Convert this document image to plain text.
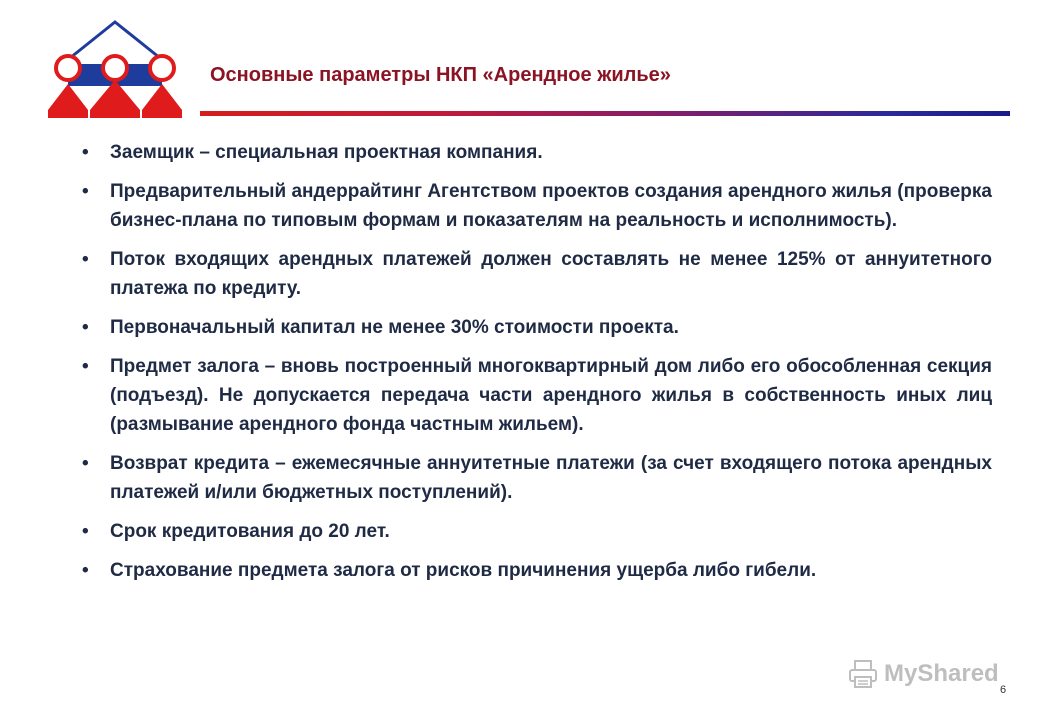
Основные параметры НКП «Арендное жилье»
• Заемщик – специальная проектная компания.
• Предварительный андеррайтинг Агентством проектов создания арендного жилья (проверка бизнес-плана по типовым формам и показателям на реальность и исполнимость).
• Поток входящих арендных платежей должен составлять не менее 125% от аннуитетного платежа по кредиту.
• Первоначальный капитал не менее 30% стоимости проекта.
• Предмет залога – вновь построенный многоквартирный дом либо его обособленная секция (подъезд). Не допускается передача части арендного жилья в собственность иных лиц (размывание арендного фонда частным жильем).
• Возврат кредита – ежемесячные аннуитетные платежи (за счет входящего потока арендных платежей и/или бюджетных поступлений).
• Срок кредитования до 20 лет.
• Страхование предмета залога от рисков причинения ущерба либо гибели.
MyShared
6
